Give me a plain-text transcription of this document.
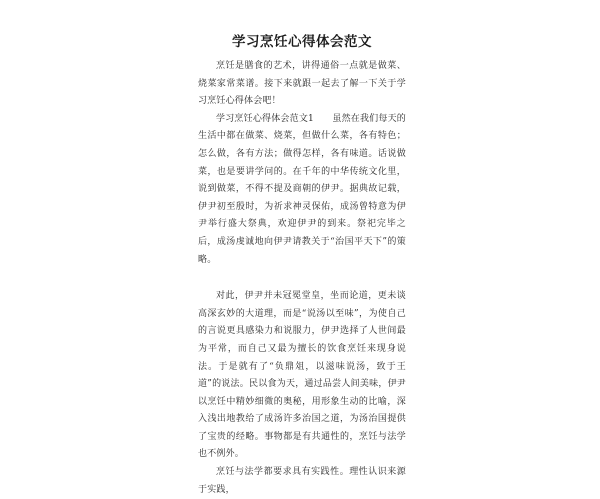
学习烹饪心得体会范文

烹饪是膳食的艺术，讲得通俗一点就是做菜、烧菜家常菜谱。接下来就跟一起去了解一下关于学习烹饪心得体会吧！

学习烹饪心得体会范文1　　虽然在我们每天的生活中都在做菜、烧菜，但做什么菜，各有特色；怎么做，各有方法；做得怎样，各有味道。话说做菜，也是要讲学问的。在千年的中华传统文化里，说到做菜，不得不提及商朝的伊尹。据典故记载，伊尹初至殷时，为祈求神灵保佑，成汤曾特意为伊尹举行盛大祭典，欢迎伊尹的到来。祭祀完毕之后，成汤虔诚地向伊尹请教关于“治国平天下”的策略。

对此，伊尹并未冠冕堂皇，坐而论道，更未谈高深玄妙的大道理，而是“说汤以至味”，为使自己的言说更具感染力和说服力，伊尹选择了人世间最为平常，而自己又最为擅长的饮食烹饪来现身说法。于是就有了“负鼎俎，以滋味说汤，致于王道”的说法。民以食为天，通过品尝人间美味，伊尹以烹饪中精妙细微的奥秘，用形象生动的比喻，深入浅出地教给了成汤许多治国之道，为汤治国提供了宝贵的经略。事物都是有共通性的，烹饪与法学也不例外。

烹饪与法学都要求具有实践性。理性认识来源于实践，
